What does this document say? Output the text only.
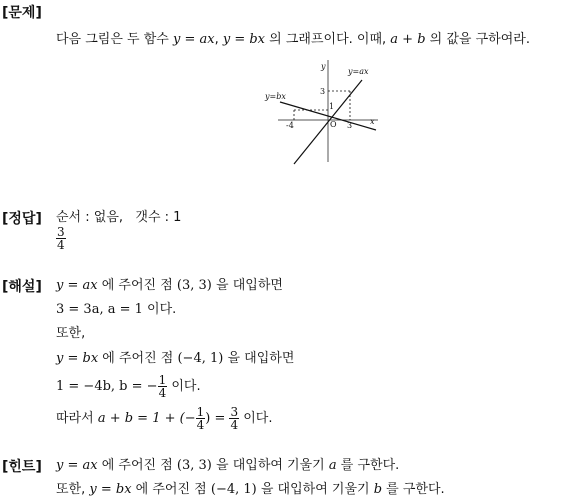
[문제]
[정답]
[해설]
[힌트]
다음 그림은 두 함수 y = ax, y = bx 의 그래프이다. 이때, a + b 의 값을 구하여라.
y
x
O
y=ax
y=bx
3
1
-4	3
순서 : 없음, 갯수 : 1
$\frac{3}{4}$
y = ax 에 주어진 점 (3, 3) 을 대입하면
3 = 3a, a = 1 이다.
또한,
y = bx 에 주어진 점 (−4, 1) 을 대입하면
1 = −4b, b = − $\frac{1}{4}$ 이다.
따라서 a + b = 1 + (− $\frac{1}{4}$ ) = $\frac{3}{4}$ 이다.
y = ax 에 주어진 점 (3, 3) 을 대입하여 기울기 a 를 구한다.
또한, y = bx 에 주어진 점 (−4, 1) 을 대입하여 기울기 b 를 구한다.
